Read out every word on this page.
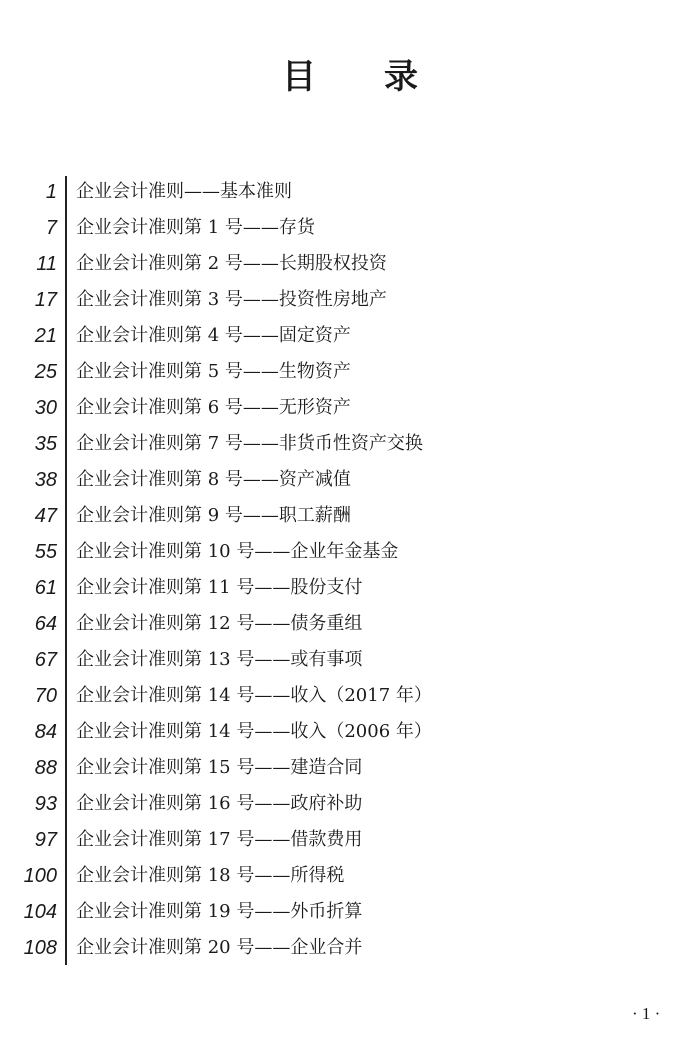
目录
1 企业会计准则——基本准则
7 企业会计准则第 1 号——存货
11 企业会计准则第 2 号——长期股权投资
17 企业会计准则第 3 号——投资性房地产
21 企业会计准则第 4 号——固定资产
25 企业会计准则第 5 号——生物资产
30 企业会计准则第 6 号——无形资产
35 企业会计准则第 7 号——非货币性资产交换
38 企业会计准则第 8 号——资产减值
47 企业会计准则第 9 号——职工薪酬
55 企业会计准则第 10 号——企业年金基金
61 企业会计准则第 11 号——股份支付
64 企业会计准则第 12 号——债务重组
67 企业会计准则第 13 号——或有事项
70 企业会计准则第 14 号——收入（2017 年）
84 企业会计准则第 14 号——收入（2006 年）
88 企业会计准则第 15 号——建造合同
93 企业会计准则第 16 号——政府补助
97 企业会计准则第 17 号——借款费用
100 企业会计准则第 18 号——所得税
104 企业会计准则第 19 号——外币折算
108 企业会计准则第 20 号——企业合并
· 1 ·
